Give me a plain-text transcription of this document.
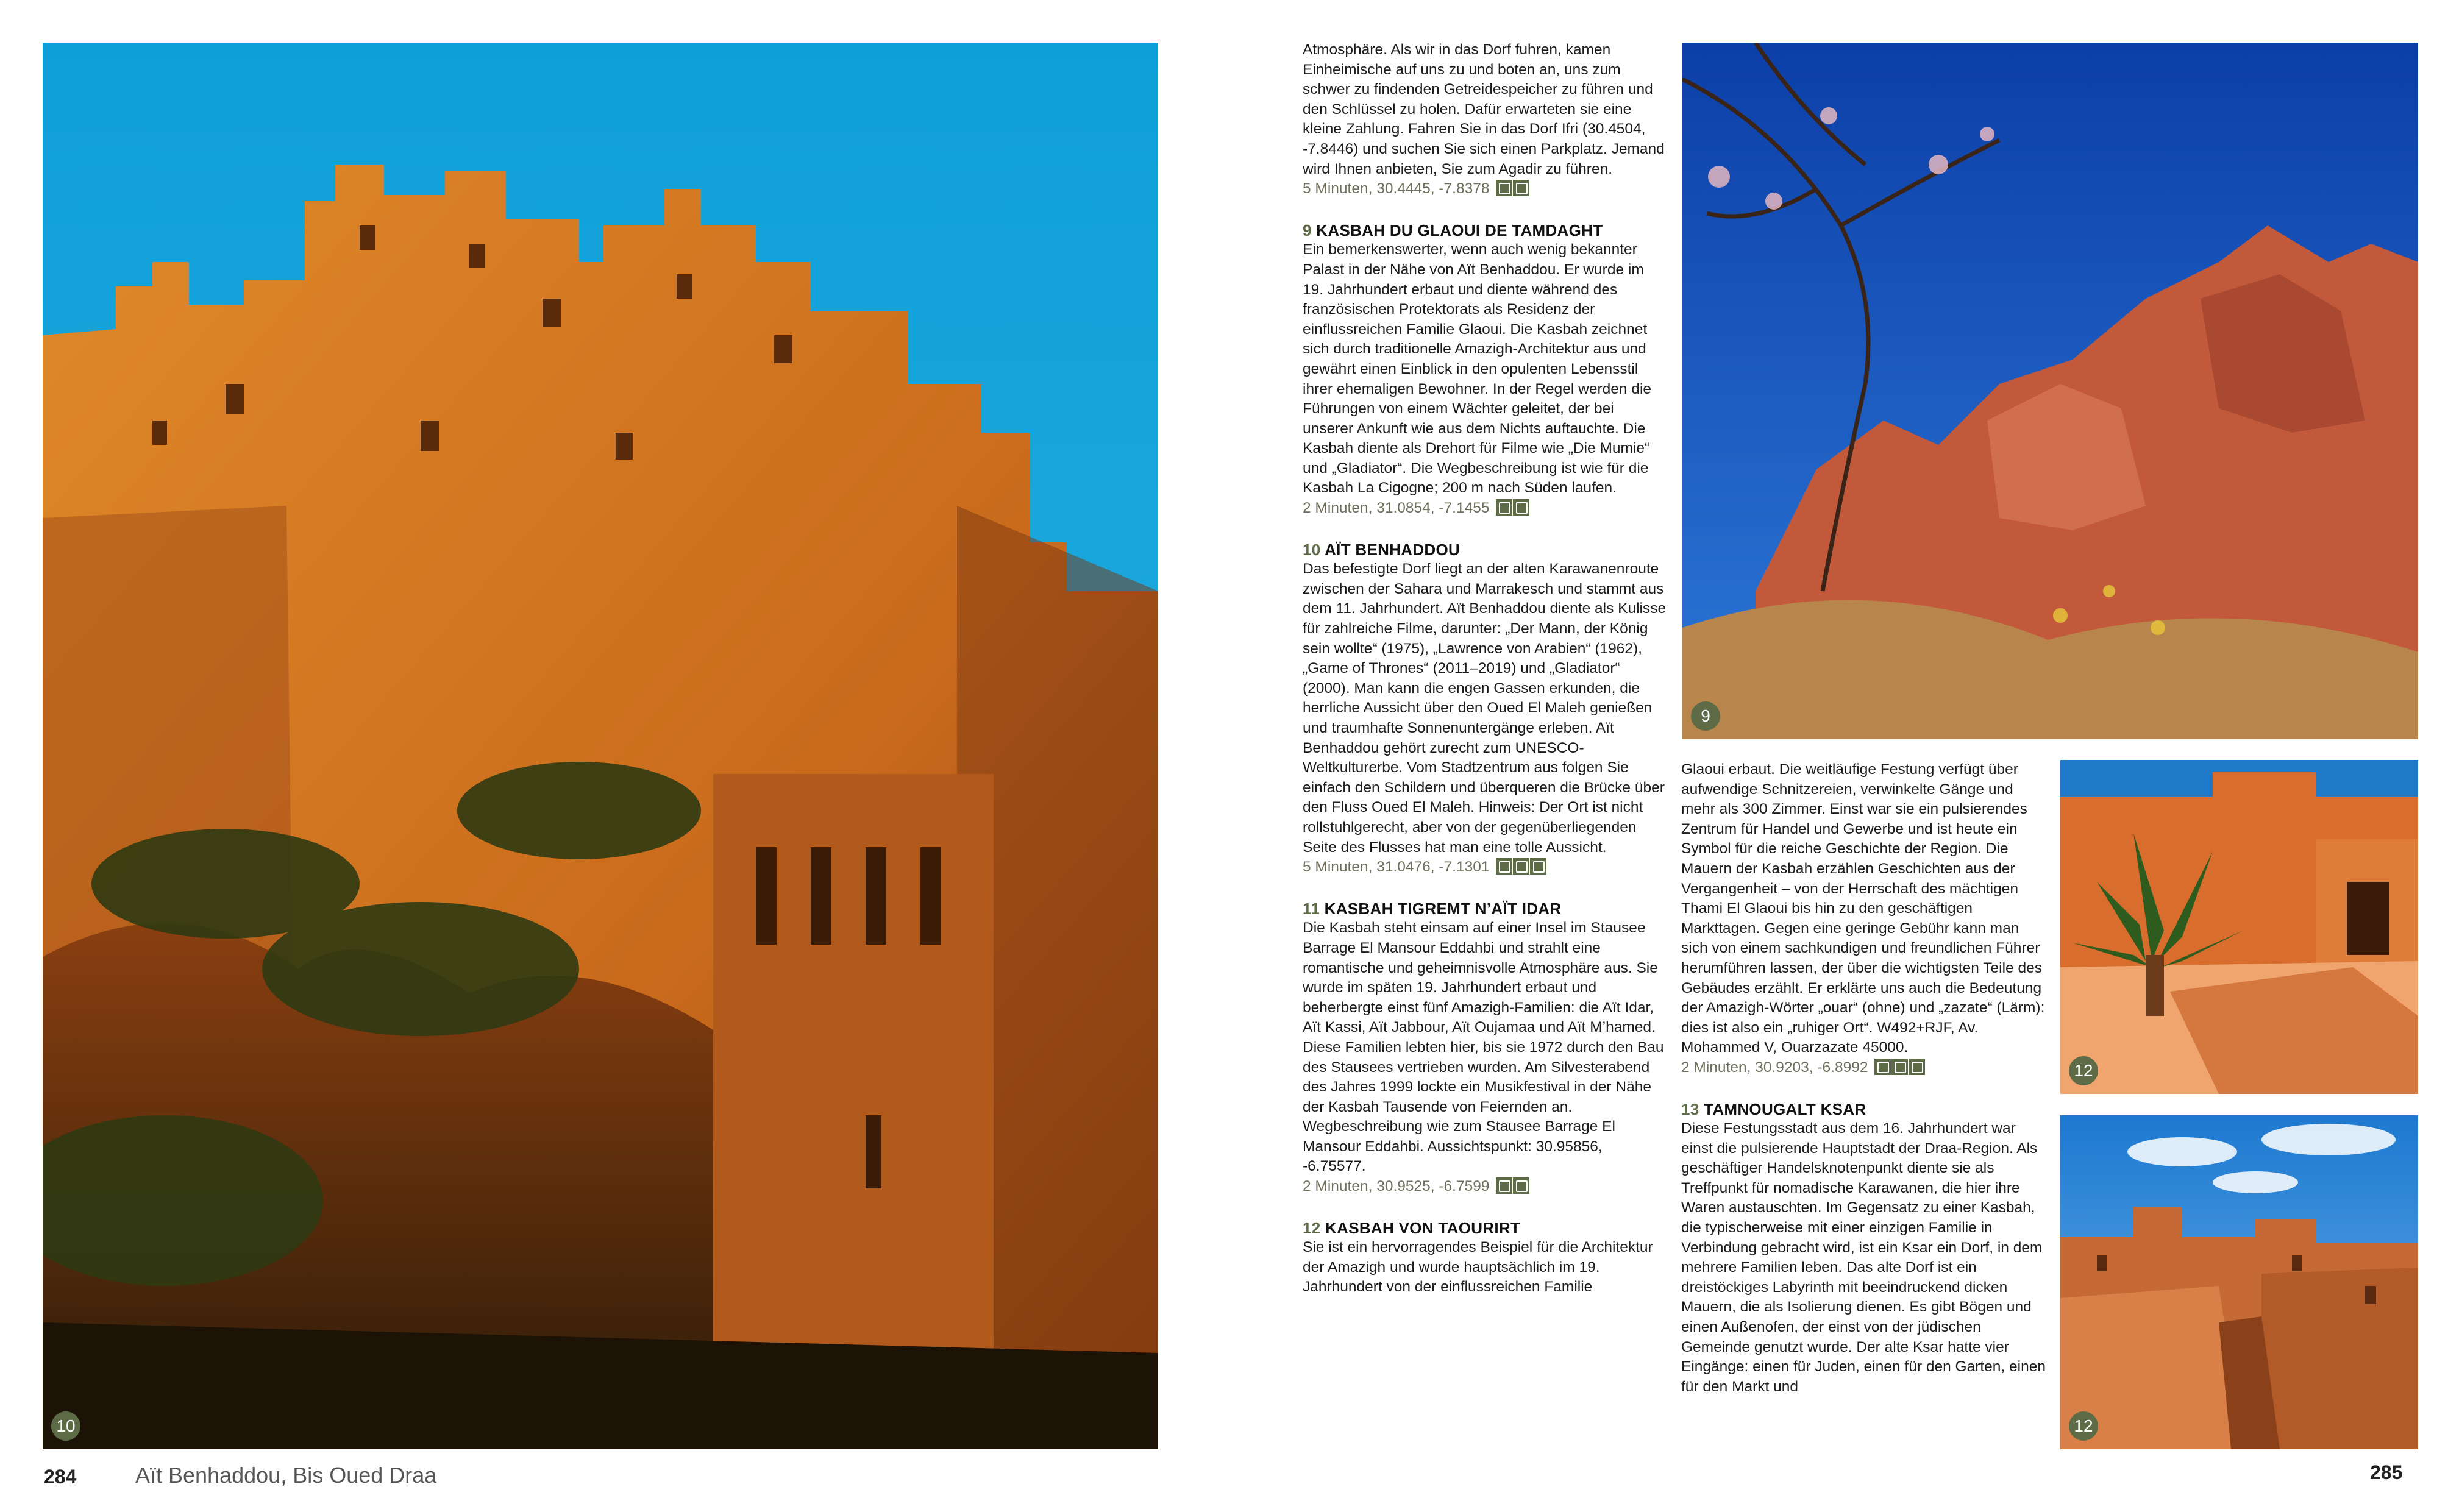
10
284	Aït Benhaddou, Bis Oued Draa

Atmosphäre. Als wir in das Dorf fuhren, kamen Einheimische auf uns zu und boten an, uns zum schwer zu findenden Getreidespeicher zu führen und den Schlüssel zu holen. Dafür erwarteten sie eine kleine Zahlung. Fahren Sie in das Dorf Ifri (30.4504, -7.8446) und suchen Sie sich einen Parkplatz. Jemand wird Ihnen anbieten, Sie zum Agadir zu führen.

5 Minuten, 30.4445, -7.8378

9 KASBAH DU GLAOUI DE TAMDAGHT

Ein bemerkenswerter, wenn auch wenig bekannter Palast in der Nähe von Aït Benhaddou. Er wurde im 19. Jahrhundert erbaut und diente während des französischen Protektorats als Residenz der einflussreichen Familie Glaoui. Die Kasbah zeichnet sich durch traditionelle Amazigh-Architektur aus und gewährt einen Einblick in den opulenten Lebensstil ihrer ehemaligen Bewohner. In der Regel werden die Führungen von einem Wächter geleitet, der bei unserer Ankunft wie aus dem Nichts auftauchte. Die Kasbah diente als Drehort für Filme wie „Die Mumie“ und „Gladiator“. Die Wegbeschreibung ist wie für die Kasbah La Cigogne; 200 m nach Süden laufen.

2 Minuten, 31.0854, -7.1455

10 AÏT BENHADDOU

Das befestigte Dorf liegt an der alten Karawanenroute zwischen der Sahara und Marrakesch und stammt aus dem 11. Jahrhundert. Aït Benhaddou diente als Kulisse für zahlreiche Filme, darunter: „Der Mann, der König sein wollte“ (1975), „Lawrence von Arabien“ (1962), „Game of Thrones“ (2011–2019) und „Gladiator“ (2000). Man kann die engen Gassen erkunden, die herrliche Aussicht über den Oued El Maleh genießen und traumhafte Sonnenuntergänge erleben. Aït Benhaddou gehört zurecht zum UNESCO-Weltkulturerbe. Vom Stadtzentrum aus folgen Sie einfach den Schildern und überqueren die Brücke über den Fluss Oued El Maleh. Hinweis: Der Ort ist nicht rollstuhlgerecht, aber von der gegenüberliegenden Seite des Flusses hat man eine tolle Aussicht.

5 Minuten, 31.0476, -7.1301

11 KASBAH TIGREMT N’AÏT IDAR

Die Kasbah steht einsam auf einer Insel im Stausee Barrage El Mansour Eddahbi und strahlt eine romantische und geheimnisvolle Atmosphäre aus. Sie wurde im späten 19. Jahrhundert erbaut und beherbergte einst fünf Amazigh-Familien: die Aït Idar, Aït Kassi, Aït Jabbour, Aït Oujamaa und Aït M’hamed. Diese Familien lebten hier, bis sie 1972 durch den Bau des Stausees vertrieben wurden. Am Silvesterabend des Jahres 1999 lockte ein Musikfestival in der Nähe der Kasbah Tausende von Feiernden an. Wegbeschreibung wie zum Stausee Barrage El Mansour Eddahbi. Aussichtspunkt: 30.95856, -6.75577.

2 Minuten, 30.9525, -6.7599

12 KASBAH VON TAOURIRT

Sie ist ein hervorragendes Beispiel für die Architektur der Amazigh und wurde hauptsächlich im 19. Jahrhundert von der einflussreichen Familie

9

Glaoui erbaut. Die weitläufige Festung verfügt über aufwendige Schnitzereien, verwinkelte Gänge und mehr als 300 Zimmer. Einst war sie ein pulsierendes Zentrum für Handel und Gewerbe und ist heute ein Symbol für die reiche Geschichte der Region. Die Mauern der Kasbah erzählen Geschichten aus der Vergangenheit – von der Herrschaft des mächtigen Thami El Glaoui bis hin zu den geschäftigen Markttagen. Gegen eine geringe Gebühr kann man sich von einem sachkundigen und freundlichen Führer herumführen lassen, der über die wichtigsten Teile des Gebäudes erzählt. Er erklärte uns auch die Bedeutung der Amazigh-Wörter „ouar“ (ohne) und „zazate“ (Lärm): dies ist also ein „ruhiger Ort“. W492+RJF, Av. Mohammed V, Ouarzazate 45000.

2 Minuten, 30.9203, -6.8992

13 TAMNOUGALT KSAR

Diese Festungsstadt aus dem 16. Jahrhundert war einst die pulsierende Hauptstadt der Draa-Region. Als geschäftiger Handelsknotenpunkt diente sie als Treffpunkt für nomadische Karawanen, die hier ihre Waren austauschten. Im Gegensatz zu einer Kasbah, die typischerweise mit einer einzigen Familie in Verbindung gebracht wird, ist ein Ksar ein Dorf, in dem mehrere Familien leben. Das alte Dorf ist ein dreistöckiges Labyrinth mit beeindruckend dicken Mauern, die als Isolierung dienen. Es gibt Bögen und einen Außenofen, der einst von der jüdischen Gemeinde genutzt wurde. Der alte Ksar hatte vier Eingänge: einen für Juden, einen für den Garten, einen für den Markt und

12
12
285
